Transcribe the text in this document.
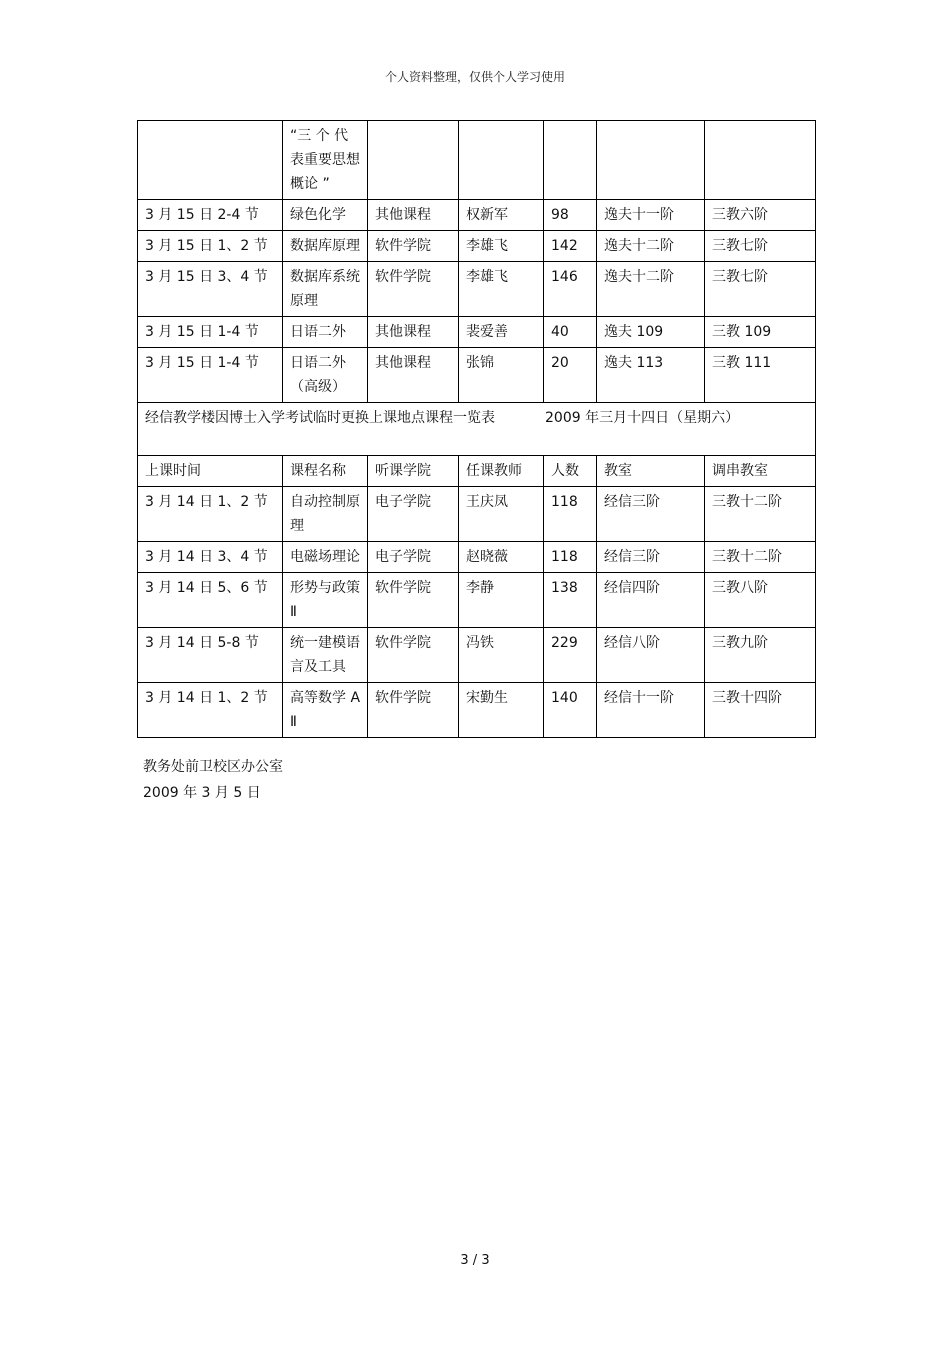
个人资料整理，仅供个人学习使用
	“三 个 代 表重要思想概论 ”					
3 月 15 日 2-4 节	绿色化学	其他课程	权新军	98	逸夫十一阶	三教六阶
3 月 15 日 1、2 节	数据库原理	软件学院	李雄飞	142	逸夫十二阶	三教七阶
3 月 15 日 3、4 节	数据库系统原理	软件学院	李雄飞	146	逸夫十二阶	三教七阶
3 月 15 日 1-4 节	日语二外	其他课程	裴爱善	40	逸夫 109	三教 109
3 月 15 日 1-4 节	日语二外（高级）	其他课程	张锦	20	逸夫 113	三教 111
经信教学楼因博士入学考试临时更换上课地点课程一览表 2009 年三月十四日（星期六）						
上课时间	课程名称	听课学院	任课教师	人数	教室	调串教室
3 月 14 日 1、2 节	自动控制原理	电子学院	王庆凤	118	经信三阶	三教十二阶
3 月 14 日 3、4 节	电磁场理论	电子学院	赵晓薇	118	经信三阶	三教十二阶
3 月 14 日 5、6 节	形势与政策Ⅱ	软件学院	李静	138	经信四阶	三教八阶
3 月 14 日 5-8 节	统一建模语言及工具	软件学院	冯铁	229	经信八阶	三教九阶
3 月 14 日 1、2 节	高等数学 AⅡ	软件学院	宋勤生	140	经信十一阶	三教十四阶
教务处前卫校区办公室
2009 年 3 月 5 日
3 / 3
